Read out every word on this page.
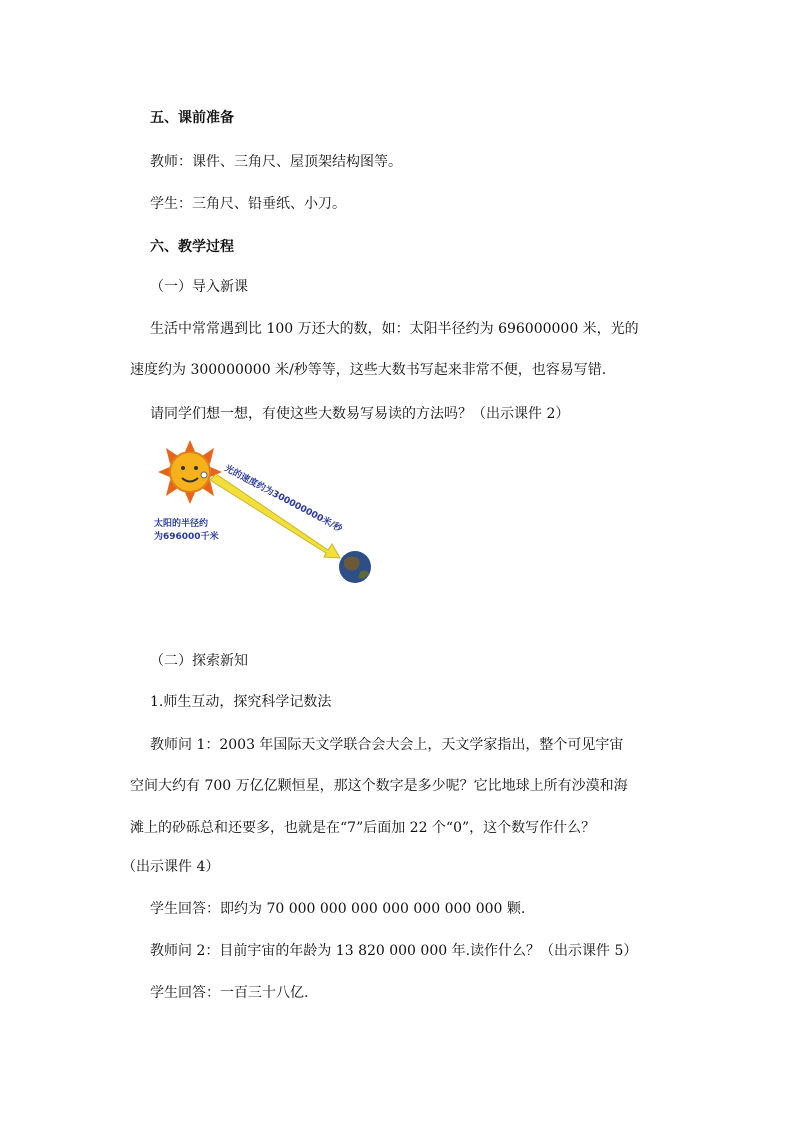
五、课前准备
教师：课件、三角尺、屋顶架结构图等。
学生：三角尺、铅垂纸、小刀。
六、教学过程
（一）导入新课
生活中常常遇到比 100 万还大的数，如：太阳半径约为 696000000 米，光的
速度约为 300000000 米/秒等等，这些大数书写起来非常不便，也容易写错.
请同学们想一想，有使这些大数易写易读的方法吗？（出示课件 2）
光的速度约为300000000米/秒
太阳的半径约
为696000千米
（二）探索新知
1.师生互动，探究科学记数法
教师问 1：2003 年国际天文学联合会大会上，天文学家指出，整个可见宇宙
空间大约有 700 万亿亿颗恒星，那这个数字是多少呢？它比地球上所有沙漠和海
滩上的砂砾总和还要多，也就是在“7”后面加 22 个“0”，这个数写作什么？
（出示课件 4）
学生回答：即约为 70 000 000 000 000 000 000 000 颗.
教师问 2：目前宇宙的年龄为 13 820 000 000 年.读作什么？（出示课件 5）
学生回答：一百三十八亿.
